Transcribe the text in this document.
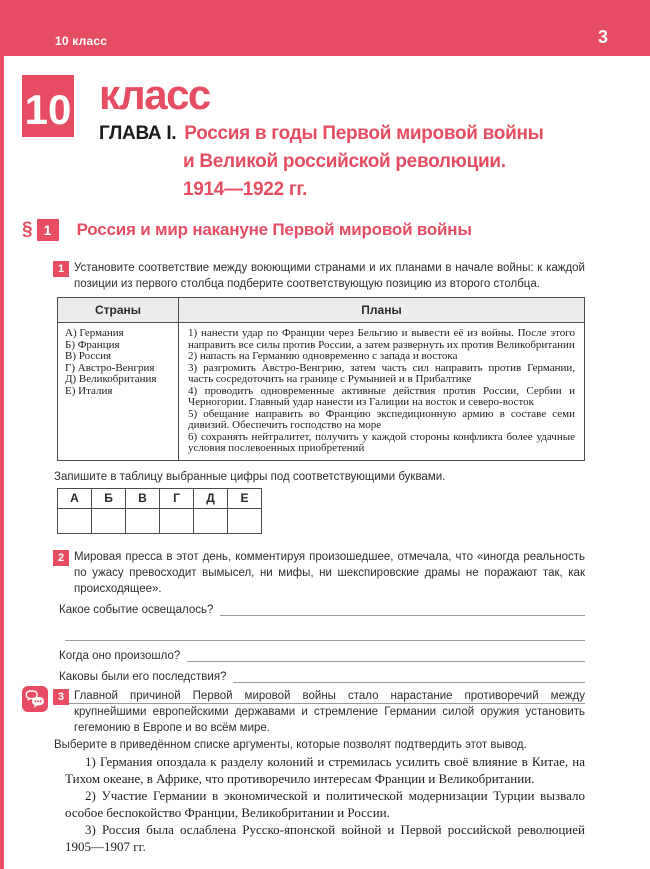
10 класс	3
10 класс
ГЛАВА I. Россия в годы Первой мировой войны
и Великой российской революции.
1914—1922 гг.
§ 1	Россия и мир накануне Первой мировой войны
1 Установите соответствие между воюющими странами и их планами в начале войны: к каждой позиции из первого столбца подберите соответствующую позицию из второго столбца.

Страны	Планы

А) Германия
Б) Франция
В) Россия
Г) Австро-Венгрия
Д) Великобритания
Е) Италия

1) нанести удар по Франции через Бельгию и вывести её из войны. После этого направить все силы против России, а затем развернуть их против Великобритании

2) напасть на Германию одновременно с запада и востока

3) разгромить Австро-Венгрию, затем часть сил направить против Германии, часть сосредоточить на границе с Румынией и в Прибалтике

4) проводить одновременные активные действия против России, Сербии и Черногории. Главный удар нанести из Галиции на восток и северо-восток

5) обещание направить во Францию экспедиционную армию в составе семи дивизий. Обеспечить господство на море

6) сохранять нейтралитет, получить у каждой стороны конфликта более удачные условия послевоенных приобретений

Запишите в таблицу выбранные цифры под соответствующими буквами.

А	Б	В	Г	Д	Е

2 Мировая пресса в этот день, комментируя произошедшее, отмечала, что «иногда реальность по ужасу превосходит вымысел, ни мифы, ни шекспировские драмы не поражают так, как происходящее».

Какое событие освещалось?
Когда оно произошло?
Каковы были его последствия?
3 Главной причиной Первой мировой войны стало нарастание противоречий между крупнейшими европейскими державами и стремление Германии силой оружия установить гегемонию в Европе и во всём мире.

Выберите в приведённом списке аргументы, которые позволят подтвердить этот вывод.

1) Германия опоздала к разделу колоний и стремилась усилить своё влияние в Китае, на Тихом океане, в Африке, что противоречило интересам Франции и Великобритании.

2) Участие Германии в экономической и политической модернизации Турции вызвало особое беспокойство Франции, Великобритании и России.

3) Россия была ослаблена Русско-японской войной и Первой российской революцией 1905—1907 гг.
